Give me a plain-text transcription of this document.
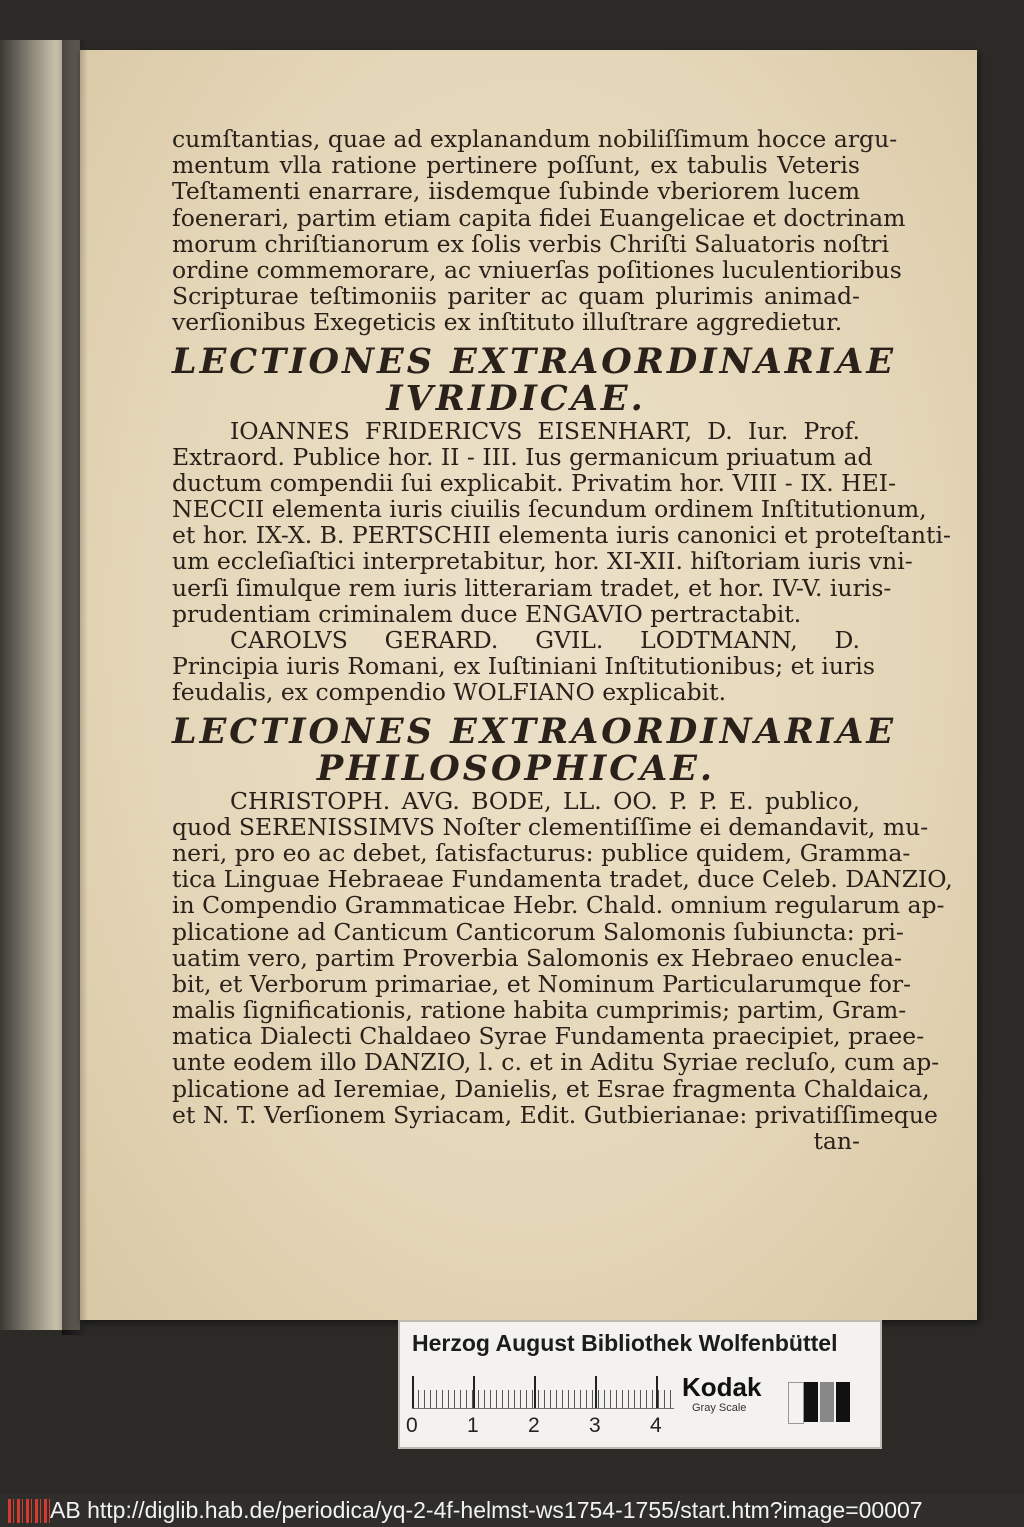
cumſtantias, quae ad explanandum nobiliſſimum hocce argu-
mentum vlla ratione pertinere poſſunt, ex tabulis Veteris
Teſtamenti enarrare, iisdemque ſubinde vberiorem lucem
foenerari, partim etiam capita fidei Euangelicae et doctrinam
morum chriſtianorum ex ſolis verbis Chriſti Saluatoris noſtri
ordine commemorare, ac vniuerſas poſitiones luculentioribus
Scripturae teſtimoniis pariter ac quam plurimis animad-
verſionibus Exegeticis ex inſtituto illuſtrare aggredietur.
LECTIONES EXTRAORDINARIAE
IVRIDICAE.
IOANNES FRIDERICVS EISENHART, D. Iur. Prof.
Extraord. Publice hor. II - III. Ius germanicum priuatum ad
ductum compendii ſui explicabit. Privatim hor. VIII - IX. HEI-
NECCII elementa iuris ciuilis ſecundum ordinem Inſtitutionum,
et hor. IX-X. B. PERTSCHII elementa iuris canonici et proteſtanti-
um eccleſiaſtici interpretabitur, hor. XI-XII. hiſtoriam iuris vni-
uerſi ſimulque rem iuris litterariam tradet, et hor. IV-V. iuris-
prudentiam criminalem duce ENGAVIO pertractabit.
CAROLVS GERARD. GVIL. LODTMANN, D.
Principia iuris Romani, ex Iuſtiniani Inſtitutionibus; et iuris
feudalis, ex compendio WOLFIANO explicabit.
LECTIONES EXTRAORDINARIAE
PHILOSOPHICAE.
CHRISTOPH. AVG. BODE, LL. OO. P. P. E. publico,
quod SERENISSIMVS Noſter clementiſſime ei demandavit, mu-
neri, pro eo ac debet, ſatisfacturus: publice quidem, Gramma-
tica Linguae Hebraeae Fundamenta tradet, duce Celeb. DANZIO,
in Compendio Grammaticae Hebr. Chald. omnium regularum ap-
plicatione ad Canticum Canticorum Salomonis ſubiuncta: pri-
uatim vero, partim Proverbia Salomonis ex Hebraeo enuclea-
bit, et Verborum primariae, et Nominum Particularumque for-
malis ſignificationis, ratione habita cumprimis; partim, Gram-
matica Dialecti Chaldaeo Syrae Fundamenta praecipiet, praee-
unte eodem illo DANZIO, l. c. et in Aditu Syriae recluſo, cum ap-
plicatione ad Ieremiae, Danielis, et Esrae fragmenta Chaldaica,
et N. T. Verſionem Syriacam, Edit. Gutbierianae: privatiſſimeque
tan-
Herzog August Bibliothek Wolfenbüttel
0 1 2 3 4
Kodak
Gray Scale
AB http://diglib.hab.de/periodica/yq-2-4f-helmst-ws1754-1755/start.htm?image=00007
